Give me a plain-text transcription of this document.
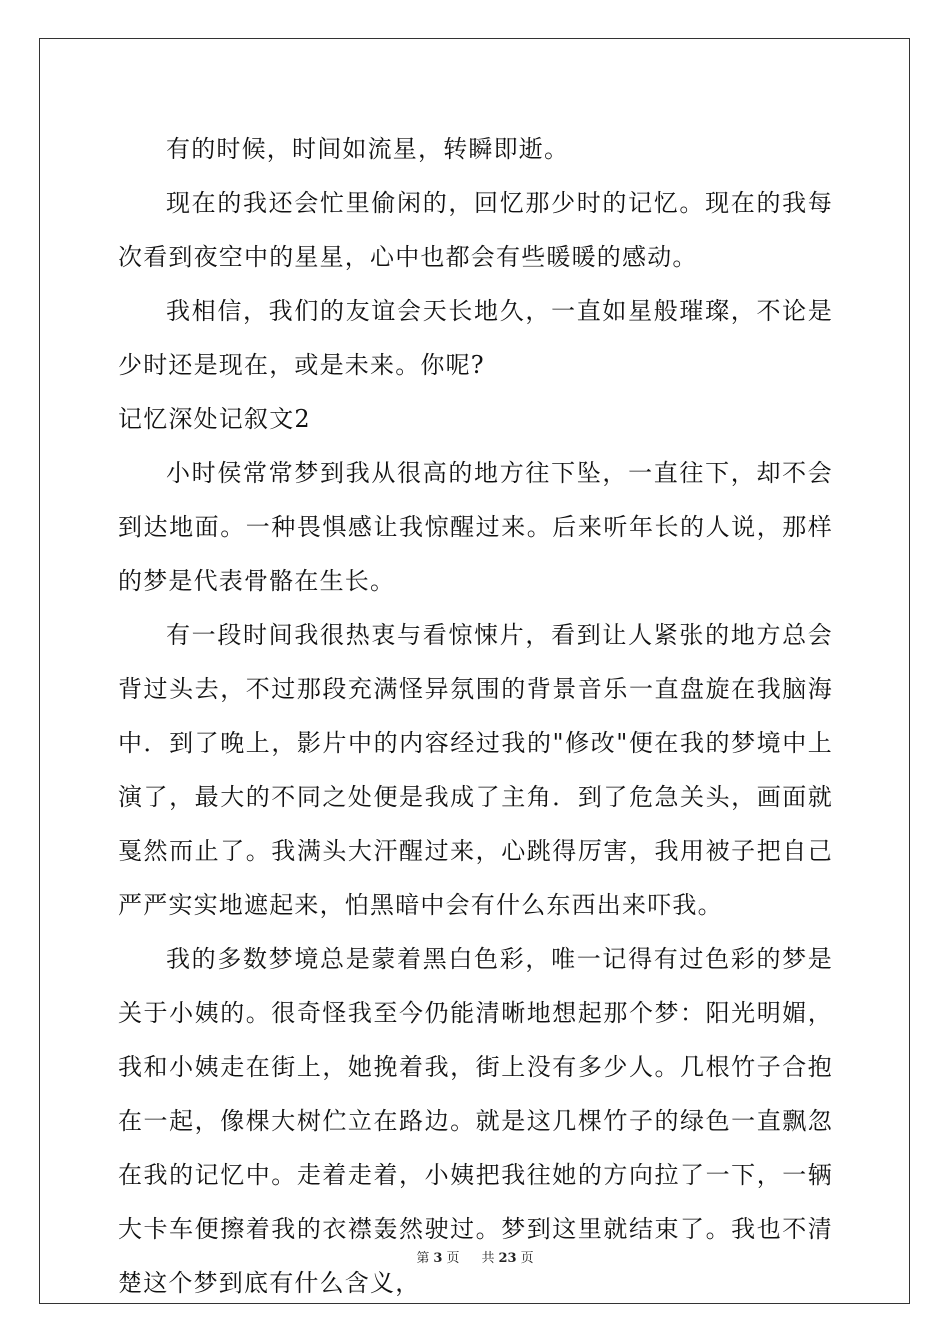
有的时候，时间如流星，转瞬即逝。

现在的我还会忙里偷闲的，回忆那少时的记忆。现在的我每次看到夜空中的星星，心中也都会有些暖暖的感动。

我相信，我们的友谊会天长地久，一直如星般璀璨，不论是少时还是现在，或是未来。你呢?

记忆深处记叙文2

小时侯常常梦到我从很高的地方往下坠，一直往下，却不会到达地面。一种畏惧感让我惊醒过来。后来听年长的人说，那样的梦是代表骨骼在生长。

有一段时间我很热衷与看惊悚片，看到让人紧张的地方总会背过头去，不过那段充满怪异氛围的背景音乐一直盘旋在我脑海中．到了晚上，影片中的内容经过我的"修改"便在我的梦境中上演了，最大的不同之处便是我成了主角．到了危急关头，画面就戛然而止了。我满头大汗醒过来，心跳得厉害，我用被子把自己严严实实地遮起来，怕黑暗中会有什么东西出来吓我。

我的多数梦境总是蒙着黑白色彩，唯一记得有过色彩的梦是关于小姨的。很奇怪我至今仍能清晰地想起那个梦：阳光明媚，我和小姨走在街上，她挽着我，街上没有多少人。几根竹子合抱在一起，像棵大树伫立在路边。就是这几棵竹子的绿色一直飘忽在我的记忆中。走着走着，小姨把我往她的方向拉了一下，一辆大卡车便擦着我的衣襟轰然驶过。梦到这里就结束了。我也不清楚这个梦到底有什么含义，

第 3 页 共 23 页
